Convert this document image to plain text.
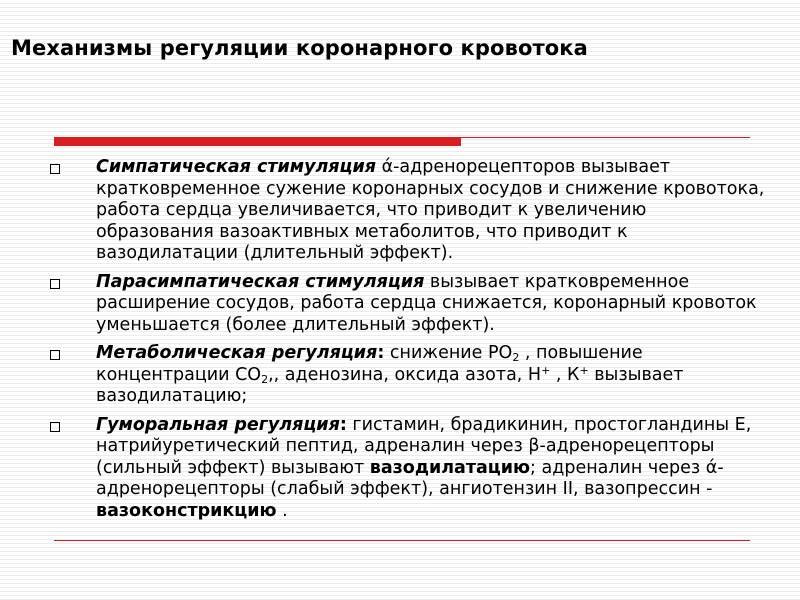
Механизмы регуляции коронарного кровотока
Симпатическая стимуляция ά-адренорецепторов вызывает кратковременное сужение коронарных сосудов и снижение кровотока, работа сердца увеличивается, что приводит к увеличению образования вазоактивных метаболитов, что приводит к вазодилатации (длительный эффект).
Парасимпатическая стимуляция вызывает кратковременное расширение сосудов, работа сердца снижается, коронарный кровоток уменьшается (более длительный эффект).
Метаболическая регуляция: снижение $РО_2$ , повышение концентрации $СО_2$,, аденозина, оксида азота, Н+ , К+ вызывает вазодилатацию;
Гуморальная регуляция: гистамин, брадикинин, простогландины Е, натрийуретический пептид, адреналин через β-адренорецепторы (сильный эффект) вызывают вазодилатацию; адреналин через ά-адренорецепторы (слабый эффект), ангиотензин II, вазопрессин - вазоконстрикцию .
